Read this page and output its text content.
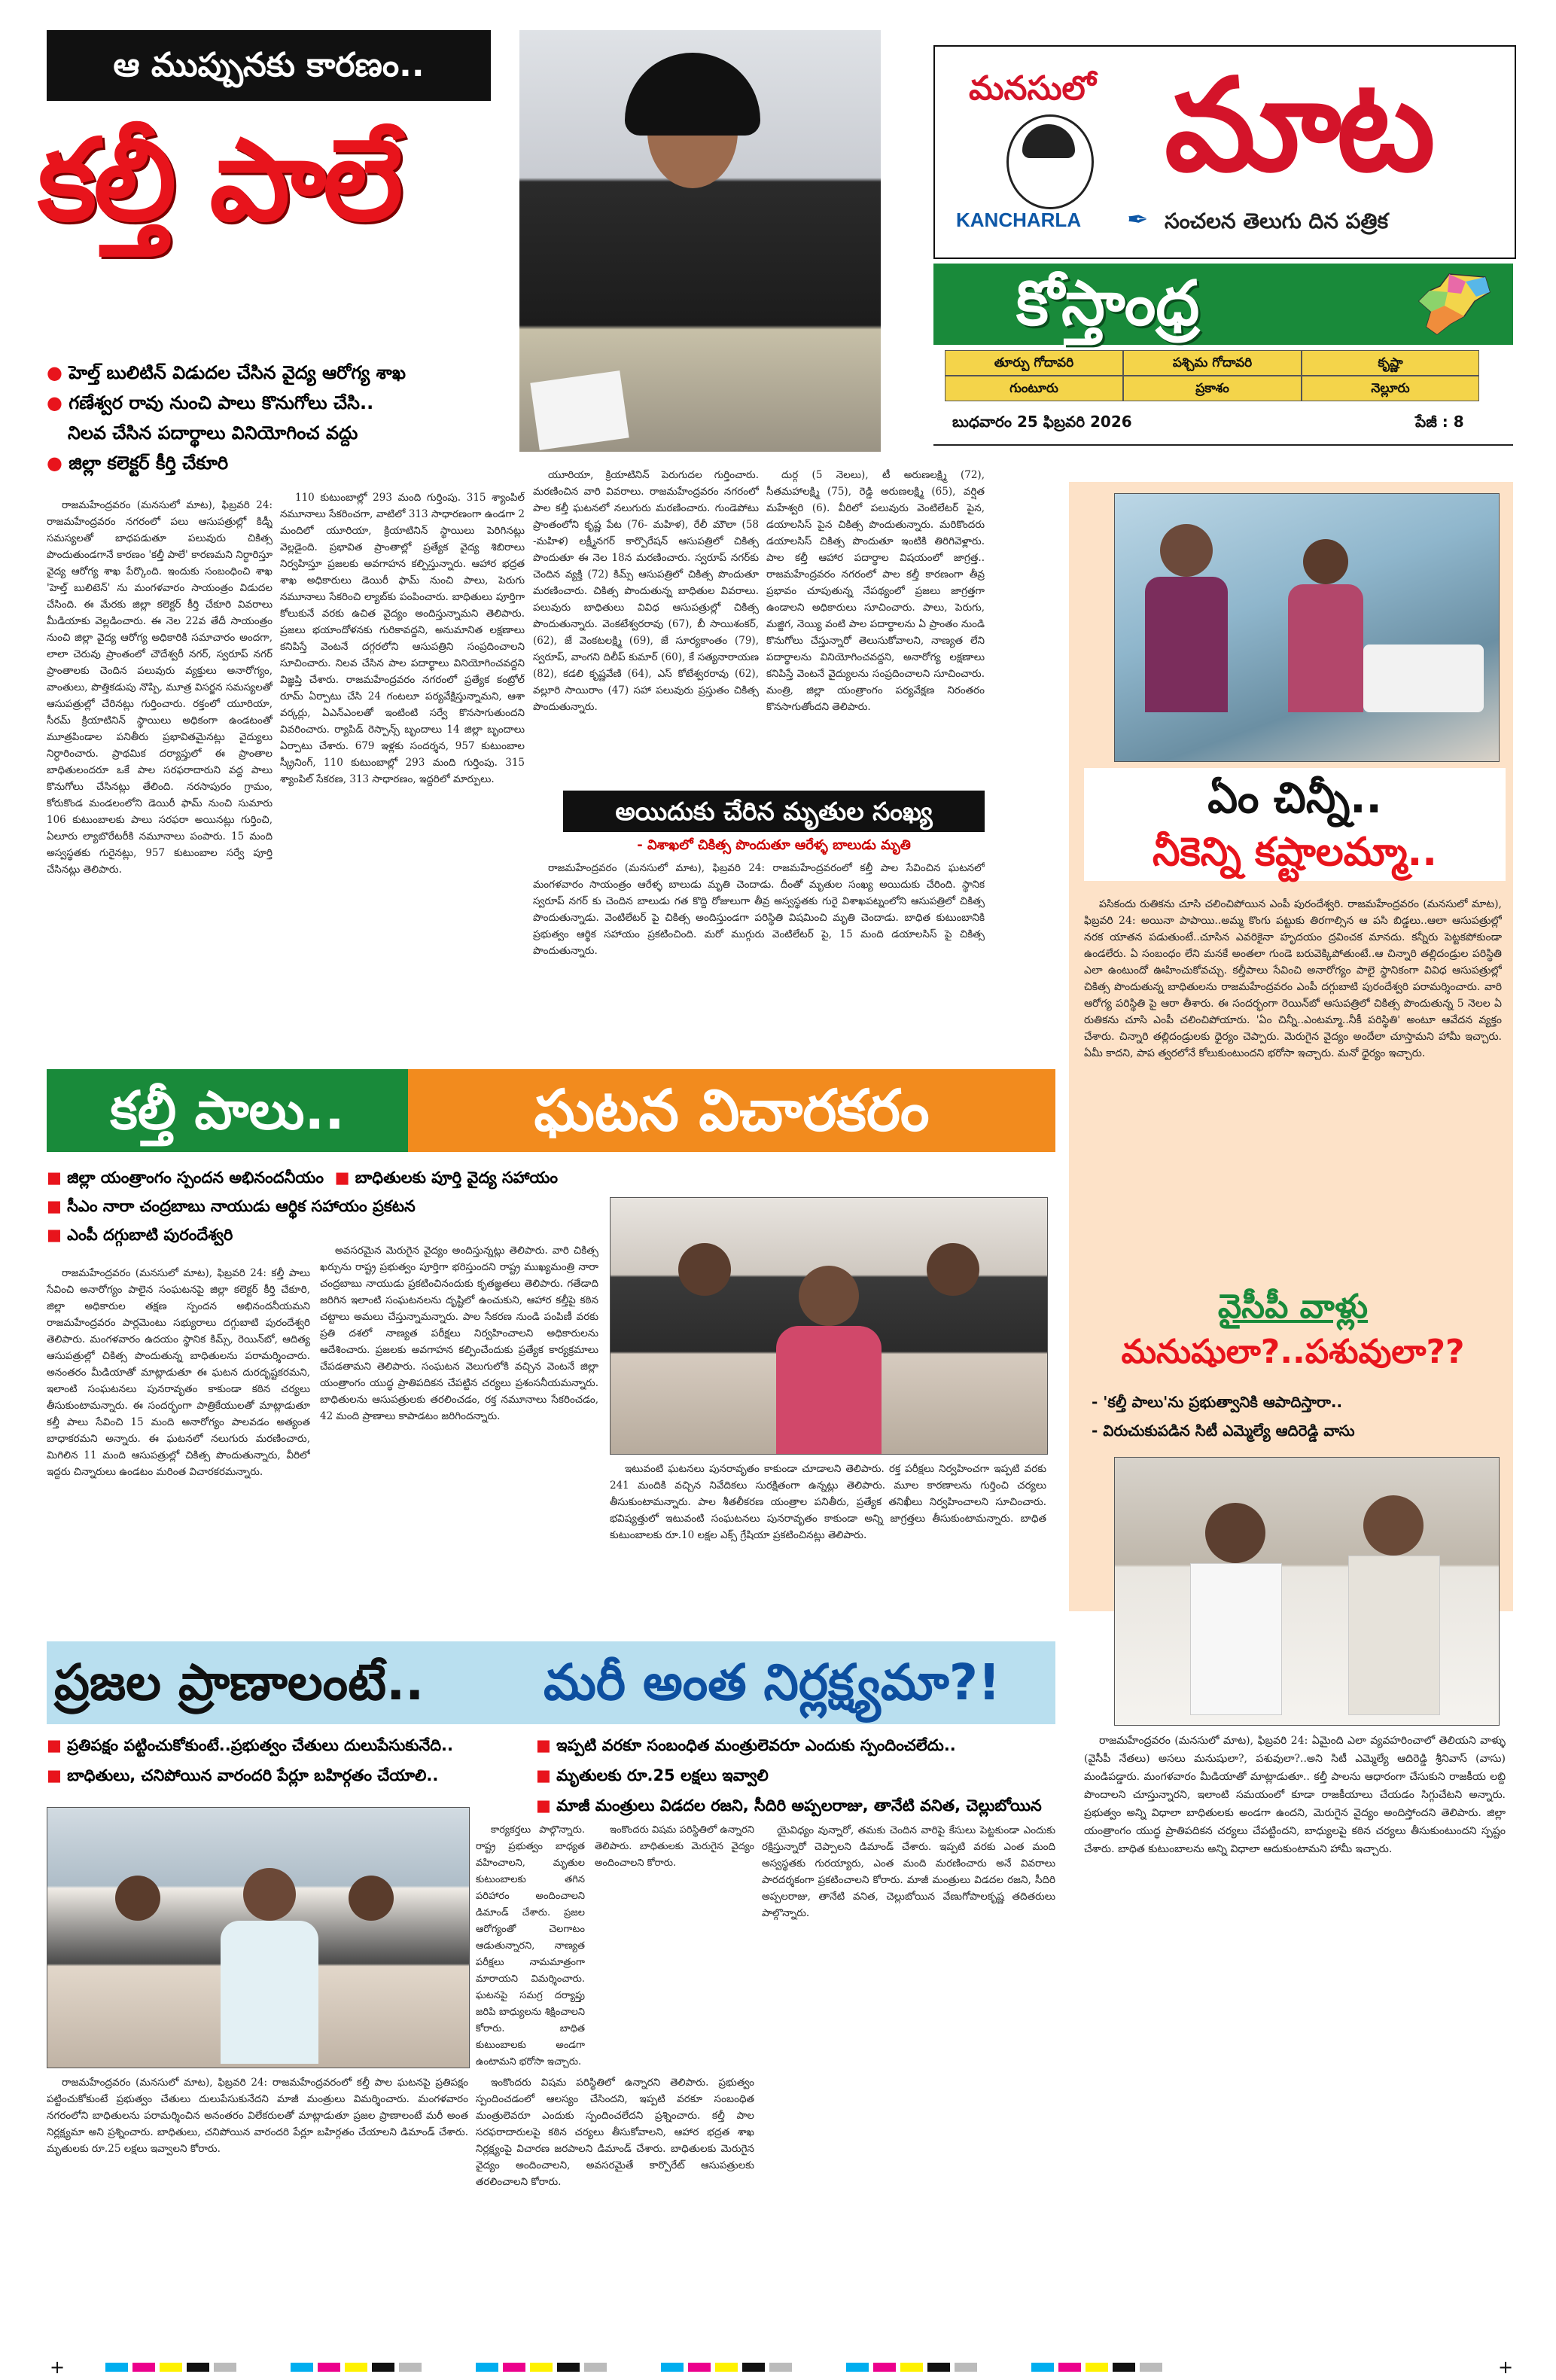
ఆ ముప్పునకు కారణం..
కల్తీ పాలే
● హెల్త్ బులిటిన్ విడుదల చేసిన వైద్య ఆరోగ్య శాఖ
● గణేశ్వర రావు నుంచి పాలు కొనుగోలు చేసి..
నిలవ చేసిన పదార్థాలు వినియోగించ వద్దు
● జిల్లా కలెక్టర్ కీర్తి చేకూరి

రాజమహేంద్రవరం (మనసులో మాట), ఫిబ్రవరి 24: రాజమహేంద్రవరం నగరంలో పలు ఆసుపత్రుల్లో కిడ్నీ సమస్యలతో బాధపడుతూ పలువురు చికిత్స పొందుతుండగానే కారణం 'కల్తీ పాలే' కారణమని నిర్ధారిస్తూ వైద్య ఆరోగ్య శాఖ పేర్కొంది. ఇందుకు సంబంధించి శాఖ 'హెల్త్ బులిటెన్' ను మంగళవారం సాయంత్రం విడుదల చేసింది. ఈ మేరకు జిల్లా కలెక్టర్ కీర్తి చేకూరి వివరాలు మీడియాకు వెల్లడించారు. ఈ నెల 22వ తేదీ సాయంత్రం నుంచి జిల్లా వైద్య ఆరోగ్య అధికారికి సమాచారం అందగా, లాలా చెరువు ప్రాంతంలో చౌదేశ్వరీ నగర్, స్వరూప్ నగర్ ప్రాంతాలకు చెందిన పలువురు వ్యక్తులు అనారోగ్యం, వాంతులు, పొత్తికడుపు నొప్పి, మూత్ర విసర్జన సమస్యలతో ఆసుపత్రుల్లో చేరినట్లు గుర్తించారు. రక్తంలో యూరియా, సీరమ్ క్రియాటినిన్ స్థాయిలు అధికంగా ఉండటంతో మూత్రపిండాల పనితీరు ప్రభావితమైనట్లు వైద్యులు నిర్ధారించారు. ప్రాథమిక దర్యాప్తులో ఈ ప్రాంతాల బాధితులందరూ ఒకే పాల సరఫరాదారుని వద్ద పాలు కొనుగోలు చేసినట్లు తేలింది. నరసాపురం గ్రామం, కోరుకొండ మండలంలోని డెయిరీ ఫామ్ నుంచి సుమారు 106 కుటుంబాలకు పాలు సరఫరా అయినట్లు గుర్తించి, ఏలూరు ల్యాబొరేటరీకి నమూనాలు పంపారు. 15 మంది అస్వస్థతకు గురైనట్లు, 957 కుటుంబాల సర్వే పూర్తి చేసినట్లు తెలిపారు.

110 కుటుంబాల్లో 293 మంది గుర్తింపు. 315 శ్యాంపిల్ నమూనాలు సేకరించగా, వాటిలో 313 సాధారణంగా ఉండగా 2 మందిలో యూరియా, క్రియాటినిన్ స్థాయిలు పెరిగినట్లు వెల్లడైంది. ప్రభావిత ప్రాంతాల్లో ప్రత్యేక వైద్య శిబిరాలు నిర్వహిస్తూ ప్రజలకు అవగాహన కల్పిస్తున్నారు. ఆహార భద్రత శాఖ అధికారులు డెయిరీ ఫామ్ నుంచి పాలు, పెరుగు నమూనాలు సేకరించి ల్యాబ్‌కు పంపించారు. బాధితులు పూర్తిగా కోలుకునే వరకు ఉచిత వైద్యం అందిస్తున్నామని తెలిపారు. ప్రజలు భయాందోళనకు గురికావద్దని, అనుమానిత లక్షణాలు కనిపిస్తే వెంటనే దగ్గరలోని ఆసుపత్రిని సంప్రదించాలని సూచించారు. నిలవ చేసిన పాల పదార్థాలు వినియోగించవద్దని విజ్ఞప్తి చేశారు. రాజమహేంద్రవరం నగరంలో ప్రత్యేక కంట్రోల్ రూమ్ ఏర్పాటు చేసి 24 గంటలూ పర్యవేక్షిస్తున్నామని, ఆశా వర్కర్లు, ఏఎన్ఎంలతో ఇంటింటి సర్వే కొనసాగుతుందని వివరించారు. ర్యాపిడ్ రెస్పాన్స్ బృందాలు 14 జిల్లా బృందాలు ఏర్పాటు చేశారు. 679 ఇళ్లకు సందర్శన, 957 కుటుంబాల స్క్రీనింగ్, 110 కుటుంబాల్లో 293 మంది గుర్తింపు. 315 శ్యాంపిల్ సేకరణ, 313 సాధారణం, ఇద్దరిలో మార్పులు.

యూరియా, క్రియాటినిన్ పెరుగుదల గుర్తించారు. మరణించిన వారి వివరాలు. రాజమహేంద్రవరం నగరంలో పాల కల్తీ ఘటనలో నలుగురు మరణించారు. గుండెపోటు ప్రాంతంలోని కృష్ణ పేట (76- మహిళ), రేలీ మౌలా (58 -మహిళ) లక్ష్మీనగర్ కార్పొరేషన్ ఆసుపత్రిలో చికిత్స పొందుతూ ఈ నెల 18న మరణించారు. స్వరూప్ నగర్‌కు చెందిన వ్యక్తి (72) కిమ్స్ ఆసుపత్రిలో చికిత్స పొందుతూ మరణించారు. చికిత్స పొందుతున్న బాధితుల వివరాలు. పలువురు బాధితులు వివిధ ఆసుపత్రుల్లో చికిత్స పొందుతున్నారు. వెంకటేశ్వరరావు (67), బీ సాయిశంకర్, (62), జే వెంకటలక్ష్మి (69), జే సూర్యకాంతం (79), స్వరూప్, వాంగని దిలీప్ కుమార్ (60), కే సత్యనారాయణ (82), కడలి కృష్ణవేణి (64), ఎస్ కోటేశ్వరరావు (62), వల్లూరి సాయిరాం (47) సహా పలువురు ప్రస్తుతం చికిత్స పొందుతున్నారు.

దుర్గ (5 నెలలు), టీ అరుణలక్ష్మి (72), సీతమహాలక్ష్మి (75), రెడ్డి అరుణలక్ష్మి (65), వర్షిత మహేశ్వరి (6). వీరిలో పలువురు వెంటిలేటర్ పైన, డయాలసిస్ పైన చికిత్స పొందుతున్నారు. మరికొందరు డయాలసిస్ చికిత్స పొందుతూ ఇంటికి తిరిగివెళ్లారు. పాల కల్తీ ఆహార పదార్థాల విషయంలో జాగ్రత్త.. రాజమహేంద్రవరం నగరంలో పాల కల్తీ కారణంగా తీవ్ర ప్రభావం చూపుతున్న నేపథ్యంలో ప్రజలు జాగ్రత్తగా ఉండాలని అధికారులు సూచించారు. పాలు, పెరుగు, మజ్జిగ, నెయ్యి వంటి పాల పదార్థాలను ఏ ప్రాంతం నుండి కొనుగోలు చేస్తున్నారో తెలుసుకోవాలని, నాణ్యత లేని పదార్థాలను వినియోగించవద్దని, అనారోగ్య లక్షణాలు కనిపిస్తే వెంటనే వైద్యులను సంప్రదించాలని సూచించారు. మంత్రి, జిల్లా యంత్రాంగం పర్యవేక్షణ నిరంతరం కొనసాగుతోందని తెలిపారు.

అయిదుకు చేరిన మృతుల సంఖ్య
- విశాఖలో చికిత్స పొందుతూ ఆరేళ్ళ బాలుడు మృతి

రాజమహేంద్రవరం (మనసులో మాట), ఫిబ్రవరి 24: రాజమహేంద్రవరంలో కల్తీ పాల సేవించిన ఘటనలో మంగళవారం సాయంత్రం ఆరేళ్ళ బాలుడు మృతి చెందాడు. దీంతో మృతుల సంఖ్య అయిదుకు చేరింది. స్థానిక స్వరూప్ నగర్ కు చెందిన బాలుడు గత కొద్ది రోజులుగా తీవ్ర అస్వస్థతకు గురై విశాఖపట్నంలోని ఆసుపత్రిలో చికిత్స పొందుతున్నాడు. వెంటిలేటర్ పై చికిత్స అందిస్తుండగా పరిస్థితి విషమించి మృతి చెందాడు. బాధిత కుటుంబానికి ప్రభుత్వం ఆర్థిక సహాయం ప్రకటించింది. మరో ముగ్గురు వెంటిలేటర్ పై, 15 మంది డయాలసిస్ పై చికిత్స పొందుతున్నారు.

మనసులో
KANCHARLA
మాట
✒ సంచలన తెలుగు దిన పత్రిక
కోస్తాంధ్ర
తూర్పు గోదావరి	పశ్చిమ గోదావరి	కృష్ణా
గుంటూరు	ప్రకాశం	నెల్లూరు
బుధవారం 25 ఫిబ్రవరి 2026	పేజీ : 8
ఏం చిన్నీ..
నీకెన్ని కష్టాలమ్మా..

పసికందు రుతికను చూసి చలించిపోయిన ఎంపీ పురందేశ్వరి. రాజమహేంద్రవరం (మనసులో మాట), ఫిబ్రవరి 24: అయినా పాపాయి..అమ్మ కొంగు పట్టుకు తిరగాల్సిన ఆ పసి బిడ్డలు..ఆలా ఆసుపత్రుల్లో నరక యాతన పడుతుంటే..చూసిన ఎవరికైనా హృదయం ద్రవించక మానదు. కన్నీరు పెట్టకపోకుండా ఉండలేరు. ఏ సంబంధం లేని మనకే అంతలా గుండె బరువెక్కిపోతుంటే..ఆ చిన్నారి తల్లిదండ్రుల పరిస్థితి ఎలా ఉంటుందో ఊహించుకోవచ్చు. కల్తీపాలు సేవించి అనారోగ్యం పాలై స్థానికంగా వివిధ ఆసుపత్రుల్లో చికిత్స పొందుతున్న బాధితులను రాజమహేంద్రవరం ఎంపీ దగ్గుబాటి పురందేశ్వరి పరామర్శించారు. వారి ఆరోగ్య పరిస్థితి పై ఆరా తీశారు. ఈ సందర్భంగా రెయిన్‌బో ఆసుపత్రిలో చికిత్స పొందుతున్న 5 నెలల ఏ రుతికను చూసి ఎంపీ చలించిపోయారు. 'ఏం చిన్నీ..ఎంటమ్మా..నీకీ పరిస్థితి' అంటూ ఆవేదన వ్యక్తం చేశారు. చిన్నారి తల్లిదండ్రులకు ధైర్యం చెప్పారు. మెరుగైన వైద్యం అందేలా చూస్తామని హామీ ఇచ్చారు. ఏమీ కాదని, పాప త్వరలోనే కోలుకుంటుందని భరోసా ఇచ్చారు. మనో ధైర్యం ఇచ్చారు.

వైసీపీ వాళ్లు
మనుషులా?..పశువులా??
- 'కల్తీ పాలు'ను ప్రభుత్వానికి ఆపాదిస్తారా..
- విరుచుకుపడిన సిటీ ఎమ్మెల్యే ఆదిరెడ్డి వాసు

రాజమహేంద్రవరం (మనసులో మాట), ఫిబ్రవరి 24: ఏమైంది ఎలా వ్యవహరించాలో తెలియని వాళ్ళు (వైసీపీ నేతలు) అసలు మనుషులా?, పశువులా?..అని సిటీ ఎమ్మెల్యే ఆదిరెడ్డి శ్రీనివాస్ (వాసు) మండిపడ్డారు. మంగళవారం మీడియాతో మాట్లాడుతూ.. కల్తీ పాలను ఆధారంగా చేసుకుని రాజకీయ లబ్ది పొందాలని చూస్తున్నారని, ఇలాంటి సమయంలో కూడా రాజకీయాలు చేయడం సిగ్గుచేటని అన్నారు. ప్రభుత్వం అన్ని విధాలా బాధితులకు అండగా ఉందని, మెరుగైన వైద్యం అందిస్తోందని తెలిపారు. జిల్లా యంత్రాంగం యుద్ధ ప్రాతిపదికన చర్యలు చేపట్టిందని, బాధ్యులపై కఠిన చర్యలు తీసుకుంటుందని స్పష్టం చేశారు. బాధిత కుటుంబాలను అన్ని విధాలా ఆదుకుంటామని హామీ ఇచ్చారు.

కల్తీ పాలు..	ఘటన విచారకరం
■ జిల్లా యంత్రాంగం స్పందన అభినందనీయం ■ బాధితులకు పూర్తి వైద్య సహాయం
■ సీఎం నారా చంద్రబాబు నాయుడు ఆర్థిక సహాయం ప్రకటన
■ ఎంపీ దగ్గుబాటి పురందేశ్వరి

రాజమహేంద్రవరం (మనసులో మాట), ఫిబ్రవరి 24: కల్తీ పాలు సేవించి అనారోగ్యం పాలైన సంఘటనపై జిల్లా కలెక్టర్ కీర్తి చేకూరి, జిల్లా అధికారుల తక్షణ స్పందన అభినందనీయమని రాజమహేంద్రవరం పార్లమెంటు సభ్యురాలు దగ్గుబాటి పురందేశ్వరి తెలిపారు. మంగళవారం ఉదయం స్థానిక కిమ్స్, రెయిన్‌బో, ఆదిత్య ఆసుపత్రుల్లో చికిత్స పొందుతున్న బాధితులను పరామర్శించారు. అనంతరం మీడియాతో మాట్లాడుతూ ఈ ఘటన దురదృష్టకరమని, ఇలాంటి సంఘటనలు పునరావృతం కాకుండా కఠిన చర్యలు తీసుకుంటామన్నారు. ఈ సందర్భంగా పాత్రికేయులతో మాట్లాడుతూ కల్తీ పాలు సేవించి 15 మంది అనారోగ్యం పాలవడం అత్యంత బాధాకరమని అన్నారు. ఈ ఘటనలో నలుగురు మరణించారు, మిగిలిన 11 మంది ఆసుపత్రుల్లో చికిత్స పొందుతున్నారు, వీరిలో ఇద్దరు చిన్నారులు ఉండటం మరింత విచారకరమన్నారు.

అవసరమైన మెరుగైన వైద్యం అందిస్తున్నట్లు తెలిపారు. వారి చికిత్స ఖర్చును రాష్ట్ర ప్రభుత్వం పూర్తిగా భరిస్తుందని రాష్ట్ర ముఖ్యమంత్రి నారా చంద్రబాబు నాయుడు ప్రకటించినందుకు కృతజ్ఞతలు తెలిపారు. గతేడాది జరిగిన ఇలాంటి సంఘటనలను దృష్టిలో ఉంచుకుని, ఆహార కల్తీపై కఠిన చట్టాలు అమలు చేస్తున్నామన్నారు. పాల సేకరణ నుండి పంపిణీ వరకు ప్రతి దశలో నాణ్యత పరీక్షలు నిర్వహించాలని అధికారులను ఆదేశించారు. ప్రజలకు అవగాహన కల్పించేందుకు ప్రత్యేక కార్యక్రమాలు చేపడతామని తెలిపారు. సంఘటన వెలుగులోకి వచ్చిన వెంటనే జిల్లా యంత్రాంగం యుద్ధ ప్రాతిపదికన చేపట్టిన చర్యలు ప్రశంసనీయమన్నారు. బాధితులను ఆసుపత్రులకు తరలించడం, రక్త నమూనాలు సేకరించడం, 42 మంది ప్రాణాలు కాపాడటం జరిగిందన్నారు.

ఇటువంటి ఘటనలు పునరావృతం కాకుండా చూడాలని తెలిపారు. రక్త పరీక్షలు నిర్వహించగా ఇప్పటి వరకు 241 మందికి వచ్చిన నివేదికలు సురక్షితంగా ఉన్నట్లు తెలిపారు. మూల కారణాలను గుర్తించి చర్యలు తీసుకుంటామన్నారు. పాల శీతలీకరణ యంత్రాల పనితీరు, ప్రత్యేక తనిఖీలు నిర్వహించాలని సూచించారు. భవిష్యత్తులో ఇటువంటి సంఘటనలు పునరావృతం కాకుండా అన్ని జాగ్రత్తలు తీసుకుంటామన్నారు. బాధిత కుటుంబాలకు రూ.10 లక్షల ఎక్స్ గ్రేషియా ప్రకటించినట్లు తెలిపారు.

ప్రజల ప్రాణాలంటే.. మరీ అంత నిర్లక్ష్యమా?!
■ ప్రతిపక్షం పట్టించుకోకుంటే..ప్రభుత్వం చేతులు దులుపేసుకునేది..
■ బాధితులు, చనిపోయిన వారందరి పేర్లూ బహిర్గతం చేయాలి..
■ ఇప్పటి వరకూ సంబంధిత మంత్రులెవరూ ఎందుకు స్పందించలేదు..
■ మృతులకు రూ.25 లక్షలు ఇవ్వాలి
■ మాజీ మంత్రులు విడదల రజని, సీదిరి అప్పలరాజు, తానేటి వనిత, చెల్లుబోయిన

రాజమహేంద్రవరం (మనసులో మాట), ఫిబ్రవరి 24: రాజమహేంద్రవరంలో కల్తీ పాల ఘటనపై ప్రతిపక్షం పట్టించుకోకుంటే ప్రభుత్వం చేతులు దులుపేసుకునేదని మాజీ మంత్రులు విమర్శించారు. మంగళవారం నగరంలోని బాధితులను పరామర్శించిన అనంతరం విలేకరులతో మాట్లాడుతూ ప్రజల ప్రాణాలంటే మరీ అంత నిర్లక్ష్యమా అని ప్రశ్నించారు. బాధితులు, చనిపోయిన వారందరి పేర్లూ బహిర్గతం చేయాలని డిమాండ్ చేశారు. మృతులకు రూ.25 లక్షలు ఇవ్వాలని కోరారు.

కార్యకర్తలు పాల్గొన్నారు. రాష్ట్ర ప్రభుత్వం బాధ్యత వహించాలని, మృతుల కుటుంబాలకు తగిన పరిహారం అందించాలని డిమాండ్ చేశారు. ప్రజల ఆరోగ్యంతో చెలగాటం ఆడుతున్నారని, నాణ్యత పరీక్షలు నామమాత్రంగా మారాయని విమర్శించారు. ఘటనపై సమగ్ర దర్యాప్తు జరిపి బాధ్యులను శిక్షించాలని కోరారు. బాధిత కుటుంబాలకు అండగా ఉంటామని భరోసా ఇచ్చారు.

ఇంకొందరు విషమ పరిస్థితిలో ఉన్నారని తెలిపారు. ప్రభుత్వం స్పందించడంలో ఆలస్యం చేసిందని, ఇప్పటి వరకూ సంబంధిత మంత్రులెవరూ ఎందుకు స్పందించలేదని ప్రశ్నించారు. కల్తీ పాల సరఫరాదారులపై కఠిన చర్యలు తీసుకోవాలని, ఆహార భద్రత శాఖ నిర్లక్ష్యంపై విచారణ జరపాలని డిమాండ్ చేశారు. బాధితులకు మెరుగైన వైద్యం అందించాలని, అవసరమైతే కార్పొరేట్ ఆసుపత్రులకు తరలించాలని కోరారు.

ఇంకొందరు విషమ పరిస్థితిలో ఉన్నారని తెలిపారు. బాధితులకు మెరుగైన వైద్యం అందించాలని కోరారు.

యైవిధ్యం వున్నారో, తమకు చెందిన వారిపై కేసులు పెట్టకుండా ఎందుకు రక్షిస్తున్నారో చెప్పాలని డిమాండ్ చేశారు. ఇప్పటి వరకు ఎంత మంది అస్వస్థతకు గురయ్యారు, ఎంత మంది మరణించారు అనే వివరాలు పారదర్శకంగా ప్రకటించాలని కోరారు. మాజీ మంత్రులు విడదల రజని, సీదిరి అప్పలరాజు, తానేటి వనిత, చెల్లుబోయిన వేణుగోపాలకృష్ణ తదితరులు పాల్గొన్నారు.

+	+
